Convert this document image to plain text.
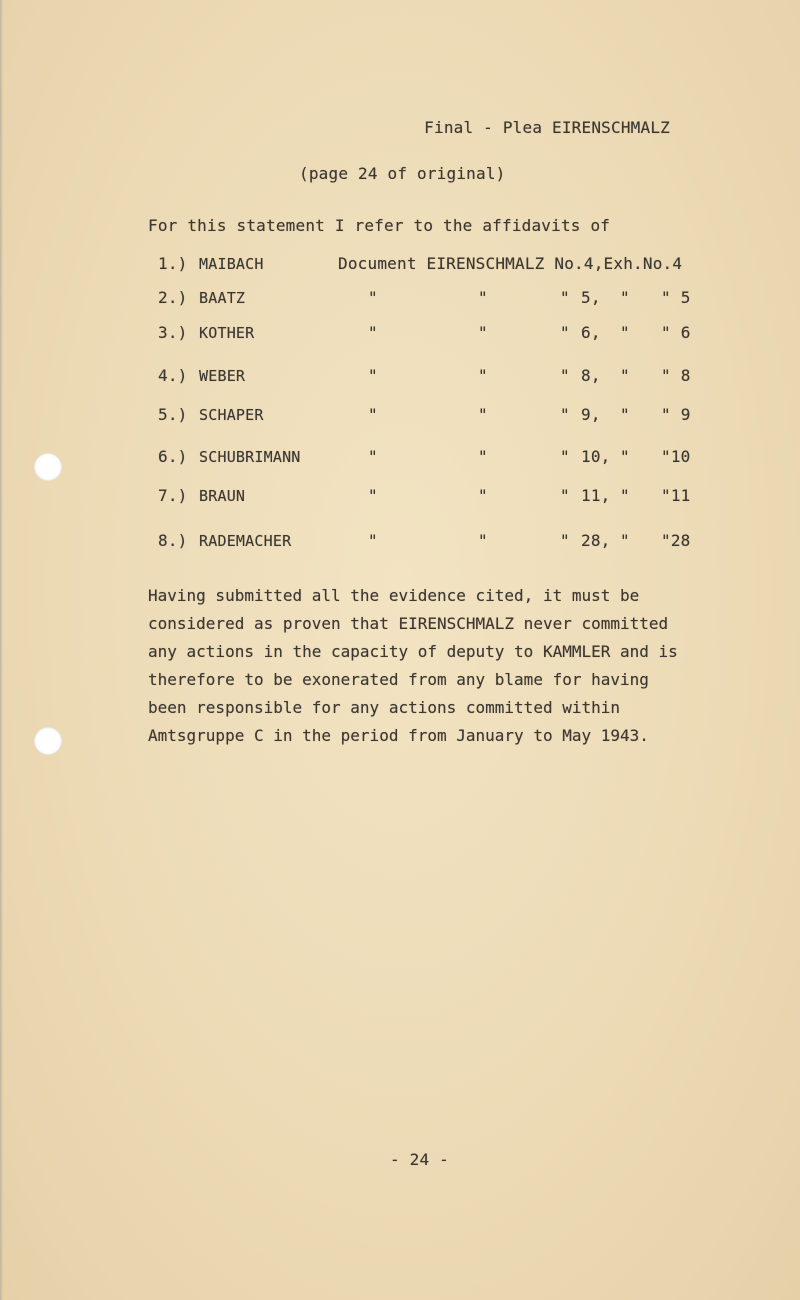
Final - Plea EIRENSCHMALZ
(page 24 of original)
For this statement I refer to the affidavits of
1.) MAIBACH	Document EIRENSCHMALZ No.4,Exh.No.4
2.) BAATZ	"	"	" 5, " " 5
3.) KOTHER	"	"	" 6, " " 6
4.) WEBER	"	"	" 8, " " 8
5.) SCHAPER	"	"	" 9, " " 9
6.) SCHUBRIMANN	"	"	" 10, " "10
7.) BRAUN	"	"	" 11, " "11
8.) RADEMACHER	"	"	" 28, " "28
Having submitted all the evidence cited, it must be
considered as proven that EIRENSCHMALZ never committed
any actions in the capacity of deputy to KAMMLER and is
therefore to be exonerated from any blame for having
been responsible for any actions committed within
Amtsgruppe C in the period from January to May 1943.
- 24 -
